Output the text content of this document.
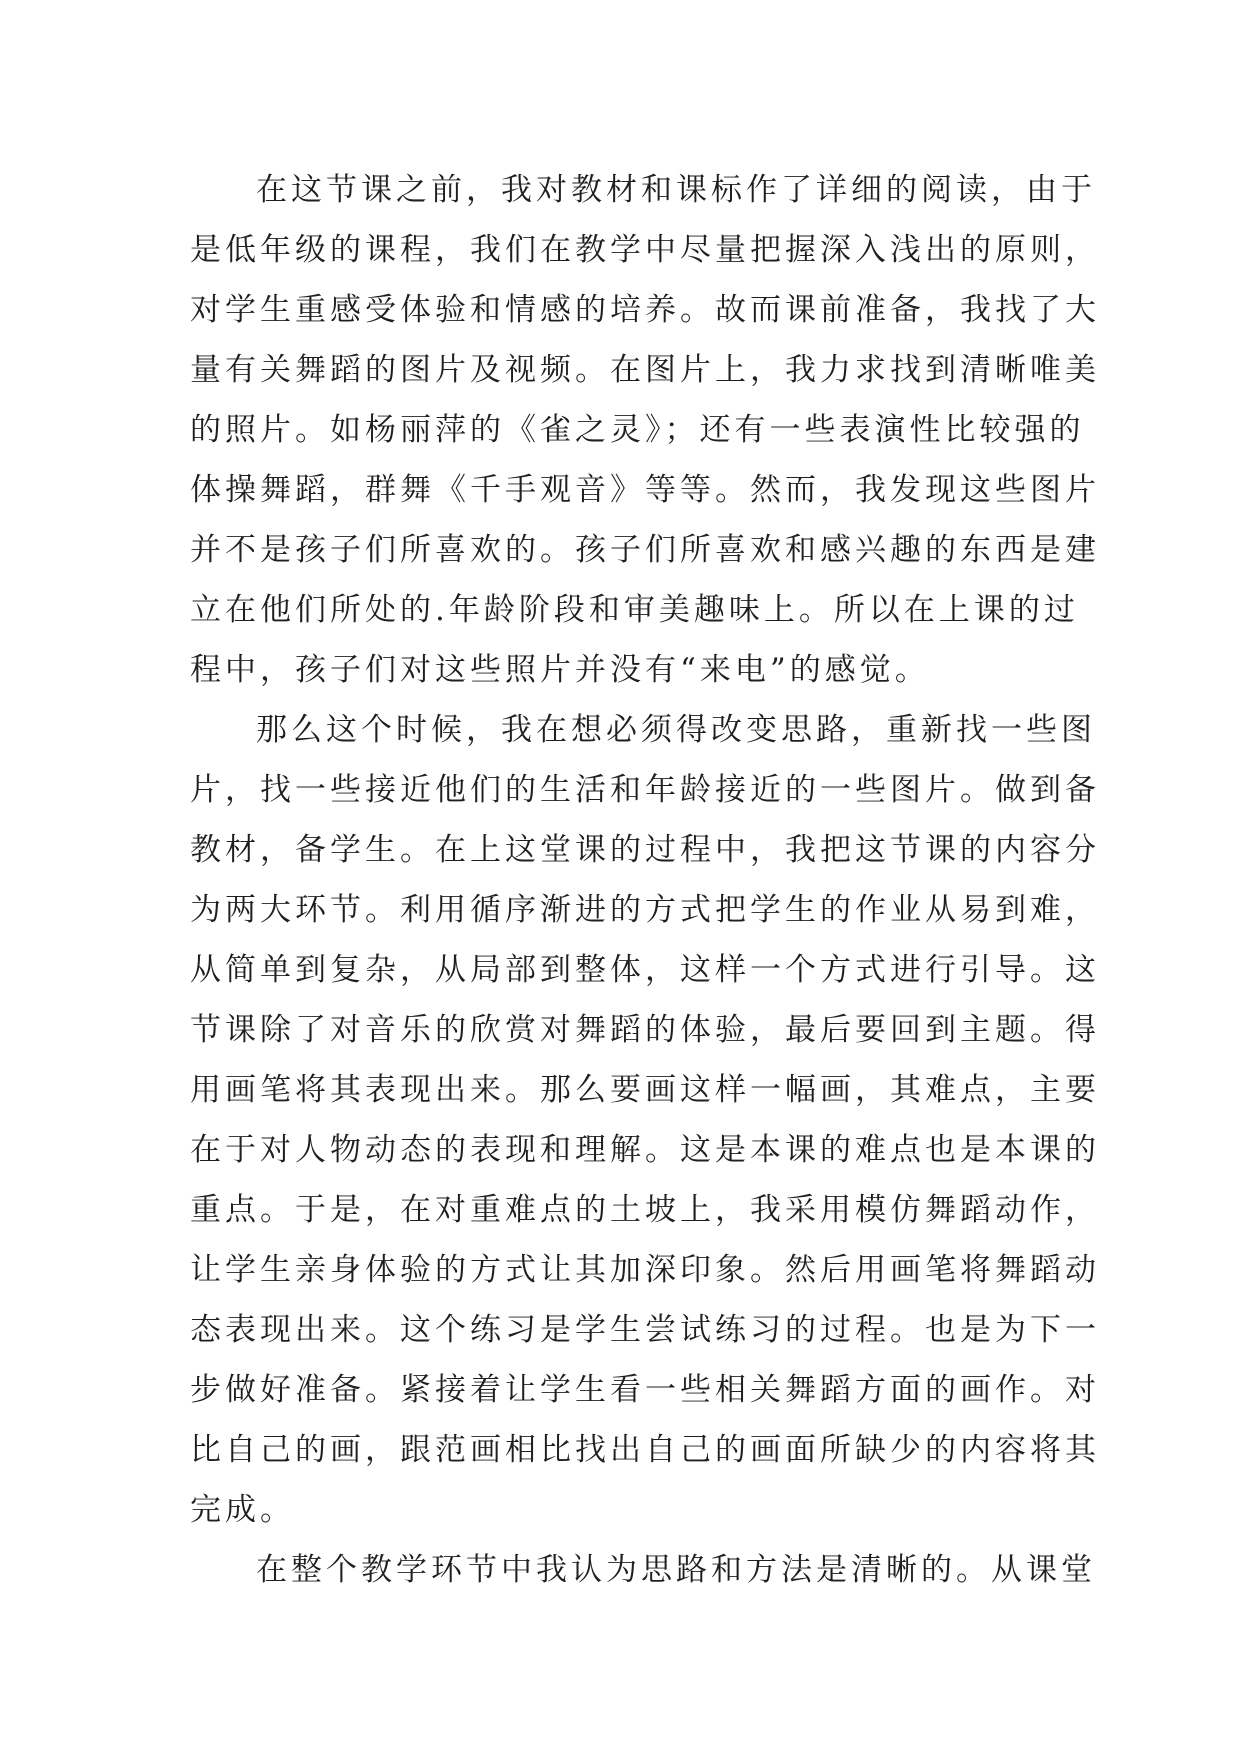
在这节课之前，我对教材和课标作了详细的阅读，由于
是低年级的课程，我们在教学中尽量把握深入浅出的原则，
对学生重感受体验和情感的培养。故而课前准备，我找了大
量有关舞蹈的图片及视频。在图片上，我力求找到清晰唯美
的照片。如杨丽萍的《雀之灵》；还有一些表演性比较强的
体操舞蹈，群舞《千手观音》等等。然而，我发现这些图片
并不是孩子们所喜欢的。孩子们所喜欢和感兴趣的东西是建
立在他们所处的.年龄阶段和审美趣味上。所以在上课的过
程中，孩子们对这些照片并没有“来电”的感觉。

那么这个时候，我在想必须得改变思路，重新找一些图
片，找一些接近他们的生活和年龄接近的一些图片。做到备
教材，备学生。在上这堂课的过程中，我把这节课的内容分
为两大环节。利用循序渐进的方式把学生的作业从易到难，
从简单到复杂，从局部到整体，这样一个方式进行引导。这
节课除了对音乐的欣赏对舞蹈的体验，最后要回到主题。得
用画笔将其表现出来。那么要画这样一幅画，其难点，主要
在于对人物动态的表现和理解。这是本课的难点也是本课的
重点。于是，在对重难点的土坡上，我采用模仿舞蹈动作，
让学生亲身体验的方式让其加深印象。然后用画笔将舞蹈动
态表现出来。这个练习是学生尝试练习的过程。也是为下一
步做好准备。紧接着让学生看一些相关舞蹈方面的画作。对
比自己的画，跟范画相比找出自己的画面所缺少的内容将其
完成。

在整个教学环节中我认为思路和方法是清晰的。从课堂
